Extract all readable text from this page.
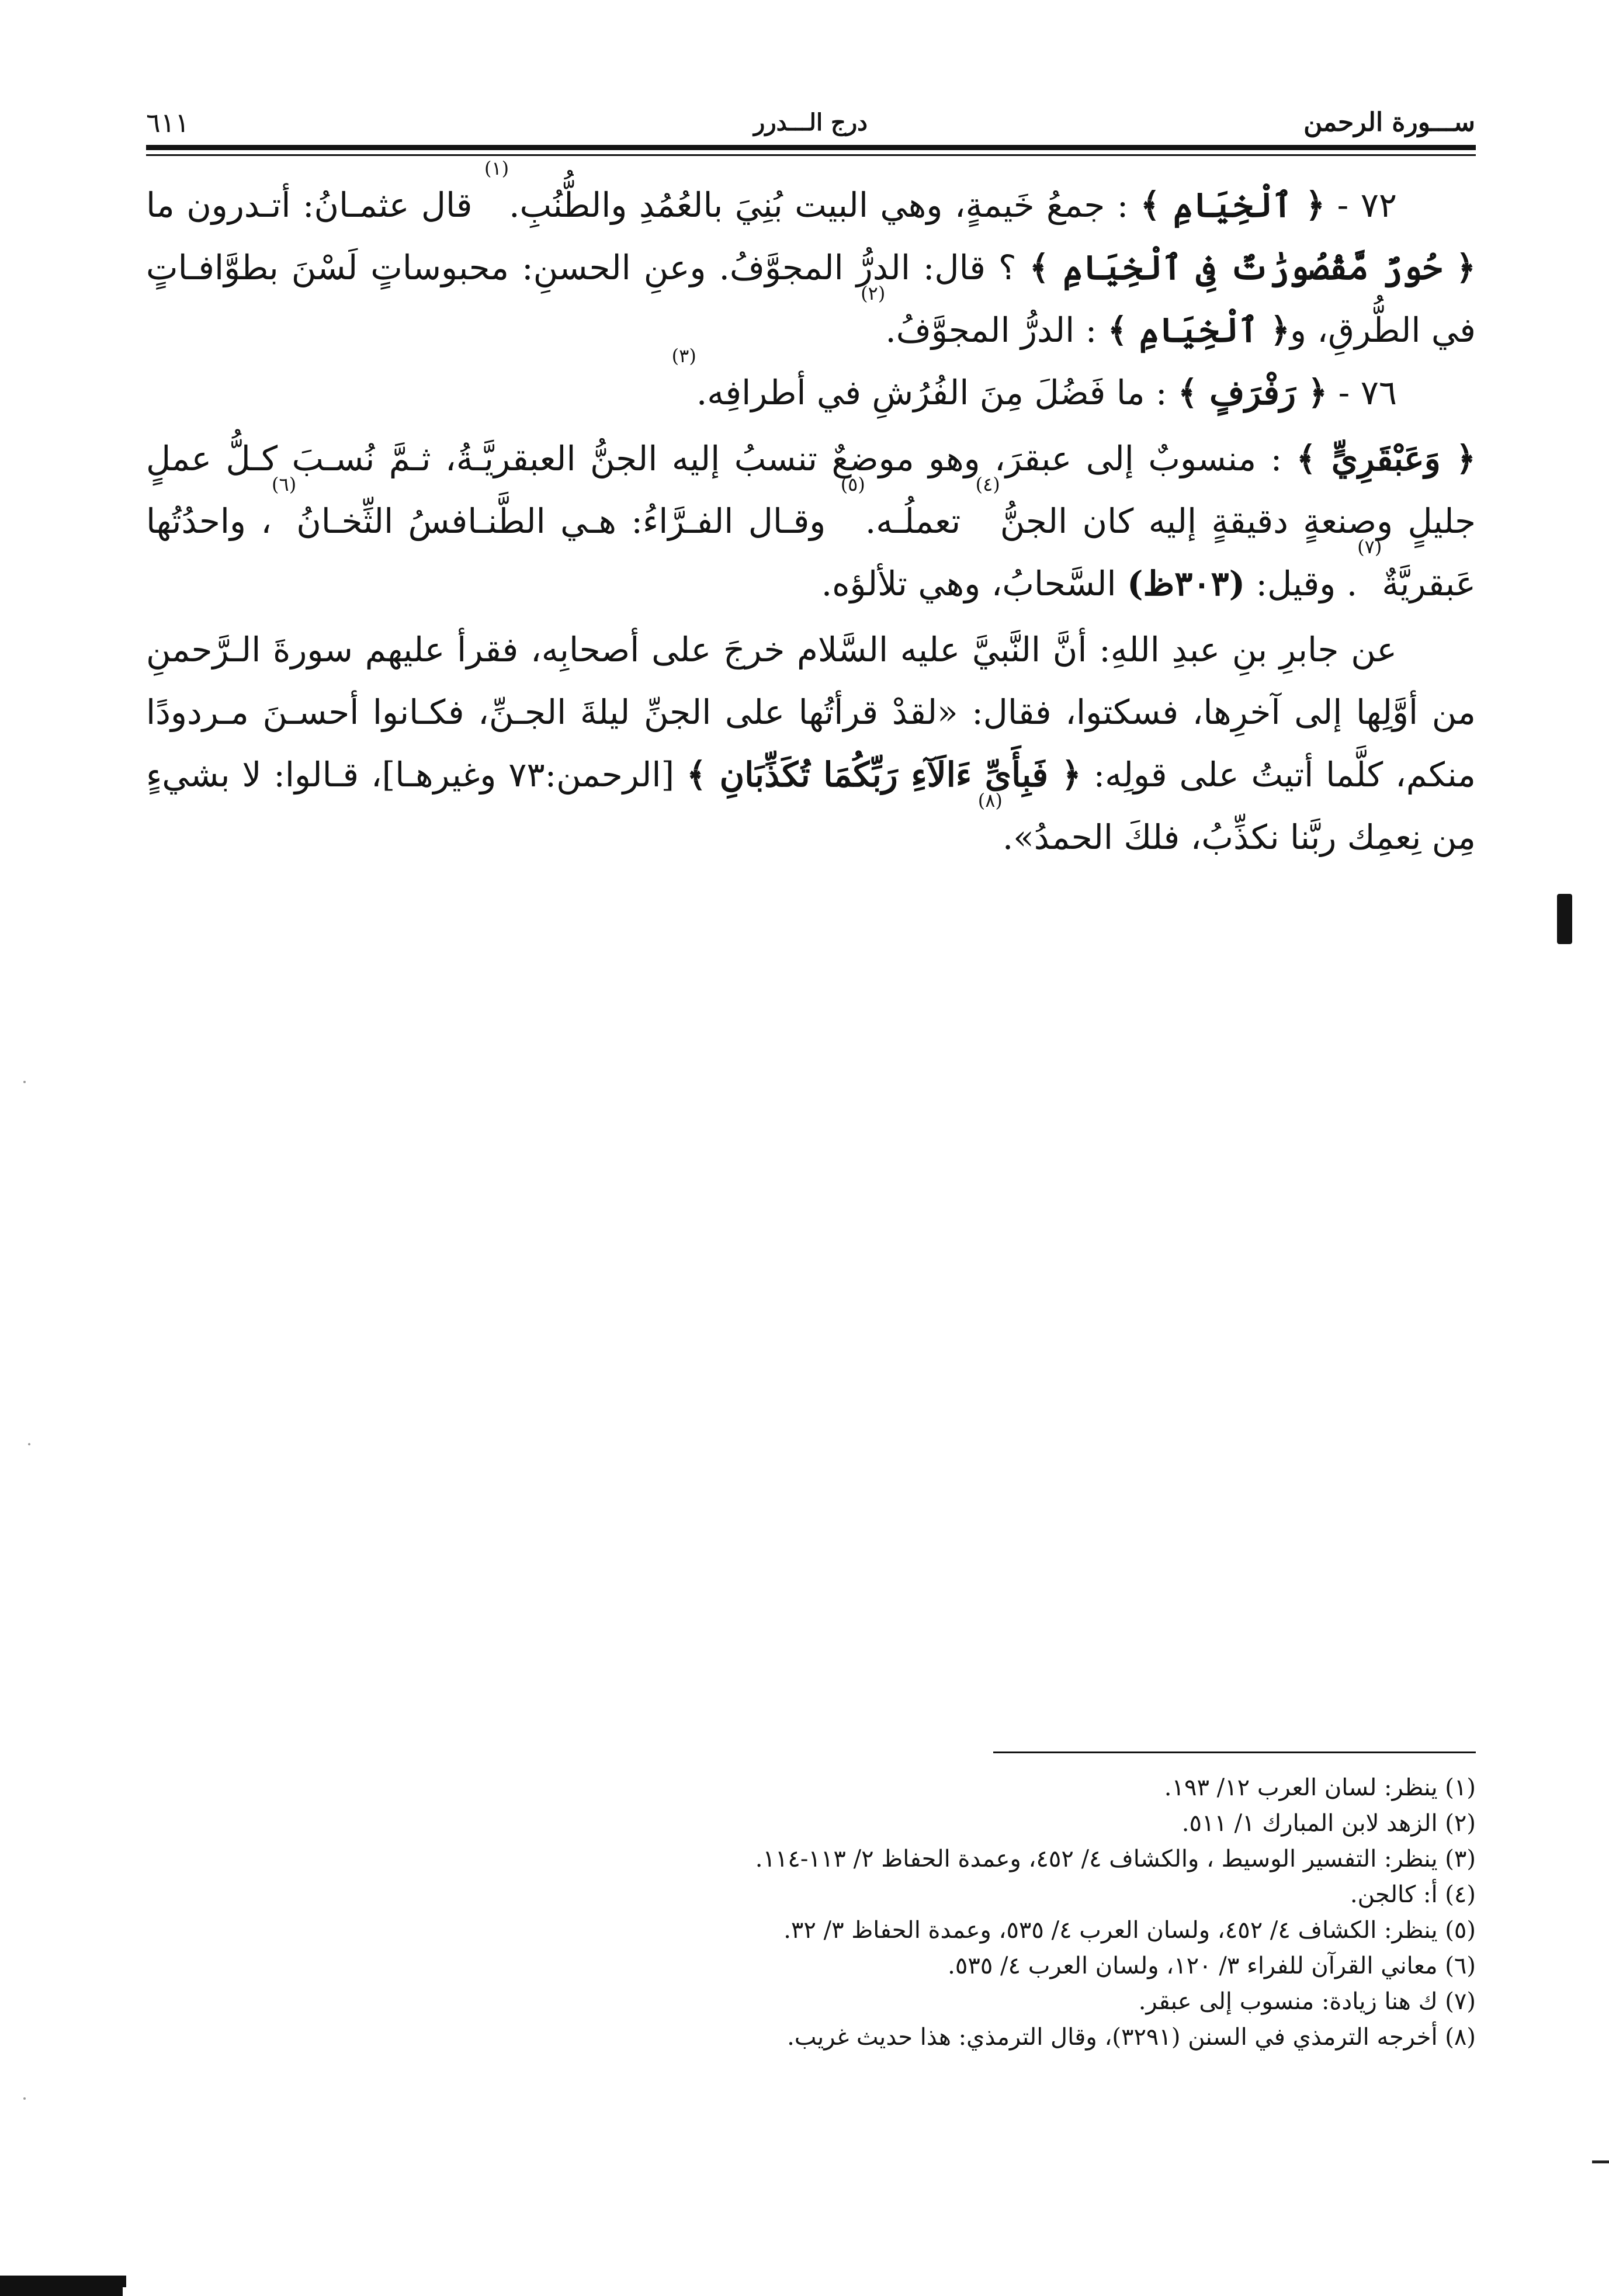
ســـورة الرحمن
درج الـــدرر
٦١١

٧٢ - ﴿ ٱلْخِيَامِ ﴾ : جمعُ خَيمةٍ، وهي البيت بُنِيَ بالعُمُدِ والطُّنُبِ.$^{(١)}$ قال عثمـانُ: أتـدرون ما ﴿ حُورٌ مَّقْصُورَٰتٌ فِى ٱلْخِيَامِ ﴾ ؟ قال: الدرُّ المجوَّفُ. وعنِ الحسنِ: محبوساتٍ لَسْنَ بطوَّافـاتٍ في الطُّرقِ، و﴿ ٱلْخِيَامِ ﴾ : الدرُّ المجوَّفُ.$^{(٢)}$

٧٦ - ﴿ رَفْرَفٍ ﴾ : ما فَضُلَ مِنَ الفُرُشِ في أطرافِه.$^{(٣)}$

﴿ وَعَبْقَرِيٍّ ﴾ : منسوبٌ إلى عبقرَ، وهو موضعٌ تنسبُ إليه الجنُّ العبقريَّـةُ، ثـمَّ نُسـبَ كـلُّ عملٍ جليلٍ وصنعةٍ دقيقةٍ إليه كان الجنُّ$^{(٤)}$ تعملُـه.$^{(٥)}$ وقـال الفـرَّاءُ: هـي الطَّنـافسُ الثِّخـانُ$^{(٦)}$، واحدُتُها عَبقريَّةٌ$^{(٧)}$. وقيل: (٣٠٣ظ) السَّحابُ، وهي تلألؤه.

عن جابرِ بنِ عبدِ اللهِ: أنَّ النَّبيَّ عليه السَّلام خرجَ على أصحابِه، فقرأ عليهم سورةَ الـرَّحمنِ من أوَّلِها إلى آخرِها، فسكتوا، فقال: «لقدْ قرأتُها على الجنِّ ليلةَ الجـنِّ، فكـانوا أحسـنَ مـردودًا منكم، كلَّما أتيتُ على قولِه: ﴿ فَبِأَىِّ ءَالَآءِ رَبِّكُمَا تُكَذِّبَانِ ﴾ [الرحمن:٧٣ وغيرهـا]، قـالوا: لا بشيءٍ مِن نِعمِك ربَّنا نكذِّبُ، فلكَ الحمدُ».$^{(٨)}$

(١) ينظر: لسان العرب ١٢/ ١٩٣.
(٢) الزهد لابن المبارك ١/ ٥١١.
(٣) ينظر: التفسير الوسيط ، والكشاف ٤/ ٤٥٢، وعمدة الحفاظ ٢/ ١١٣-١١٤.
(٤) أ: كالجن.
(٥) ينظر: الكشاف ٤/ ٤٥٢، ولسان العرب ٤/ ٥٣٥، وعمدة الحفاظ ٣/ ٣٢.
(٦) معاني القرآن للفراء ٣/ ١٢٠، ولسان العرب ٤/ ٥٣٥.
(٧) ك هنا زيادة: منسوب إلى عبقر.
(٨) أخرجه الترمذي في السنن (٣٢٩١)، وقال الترمذي: هذا حديث غريب.
